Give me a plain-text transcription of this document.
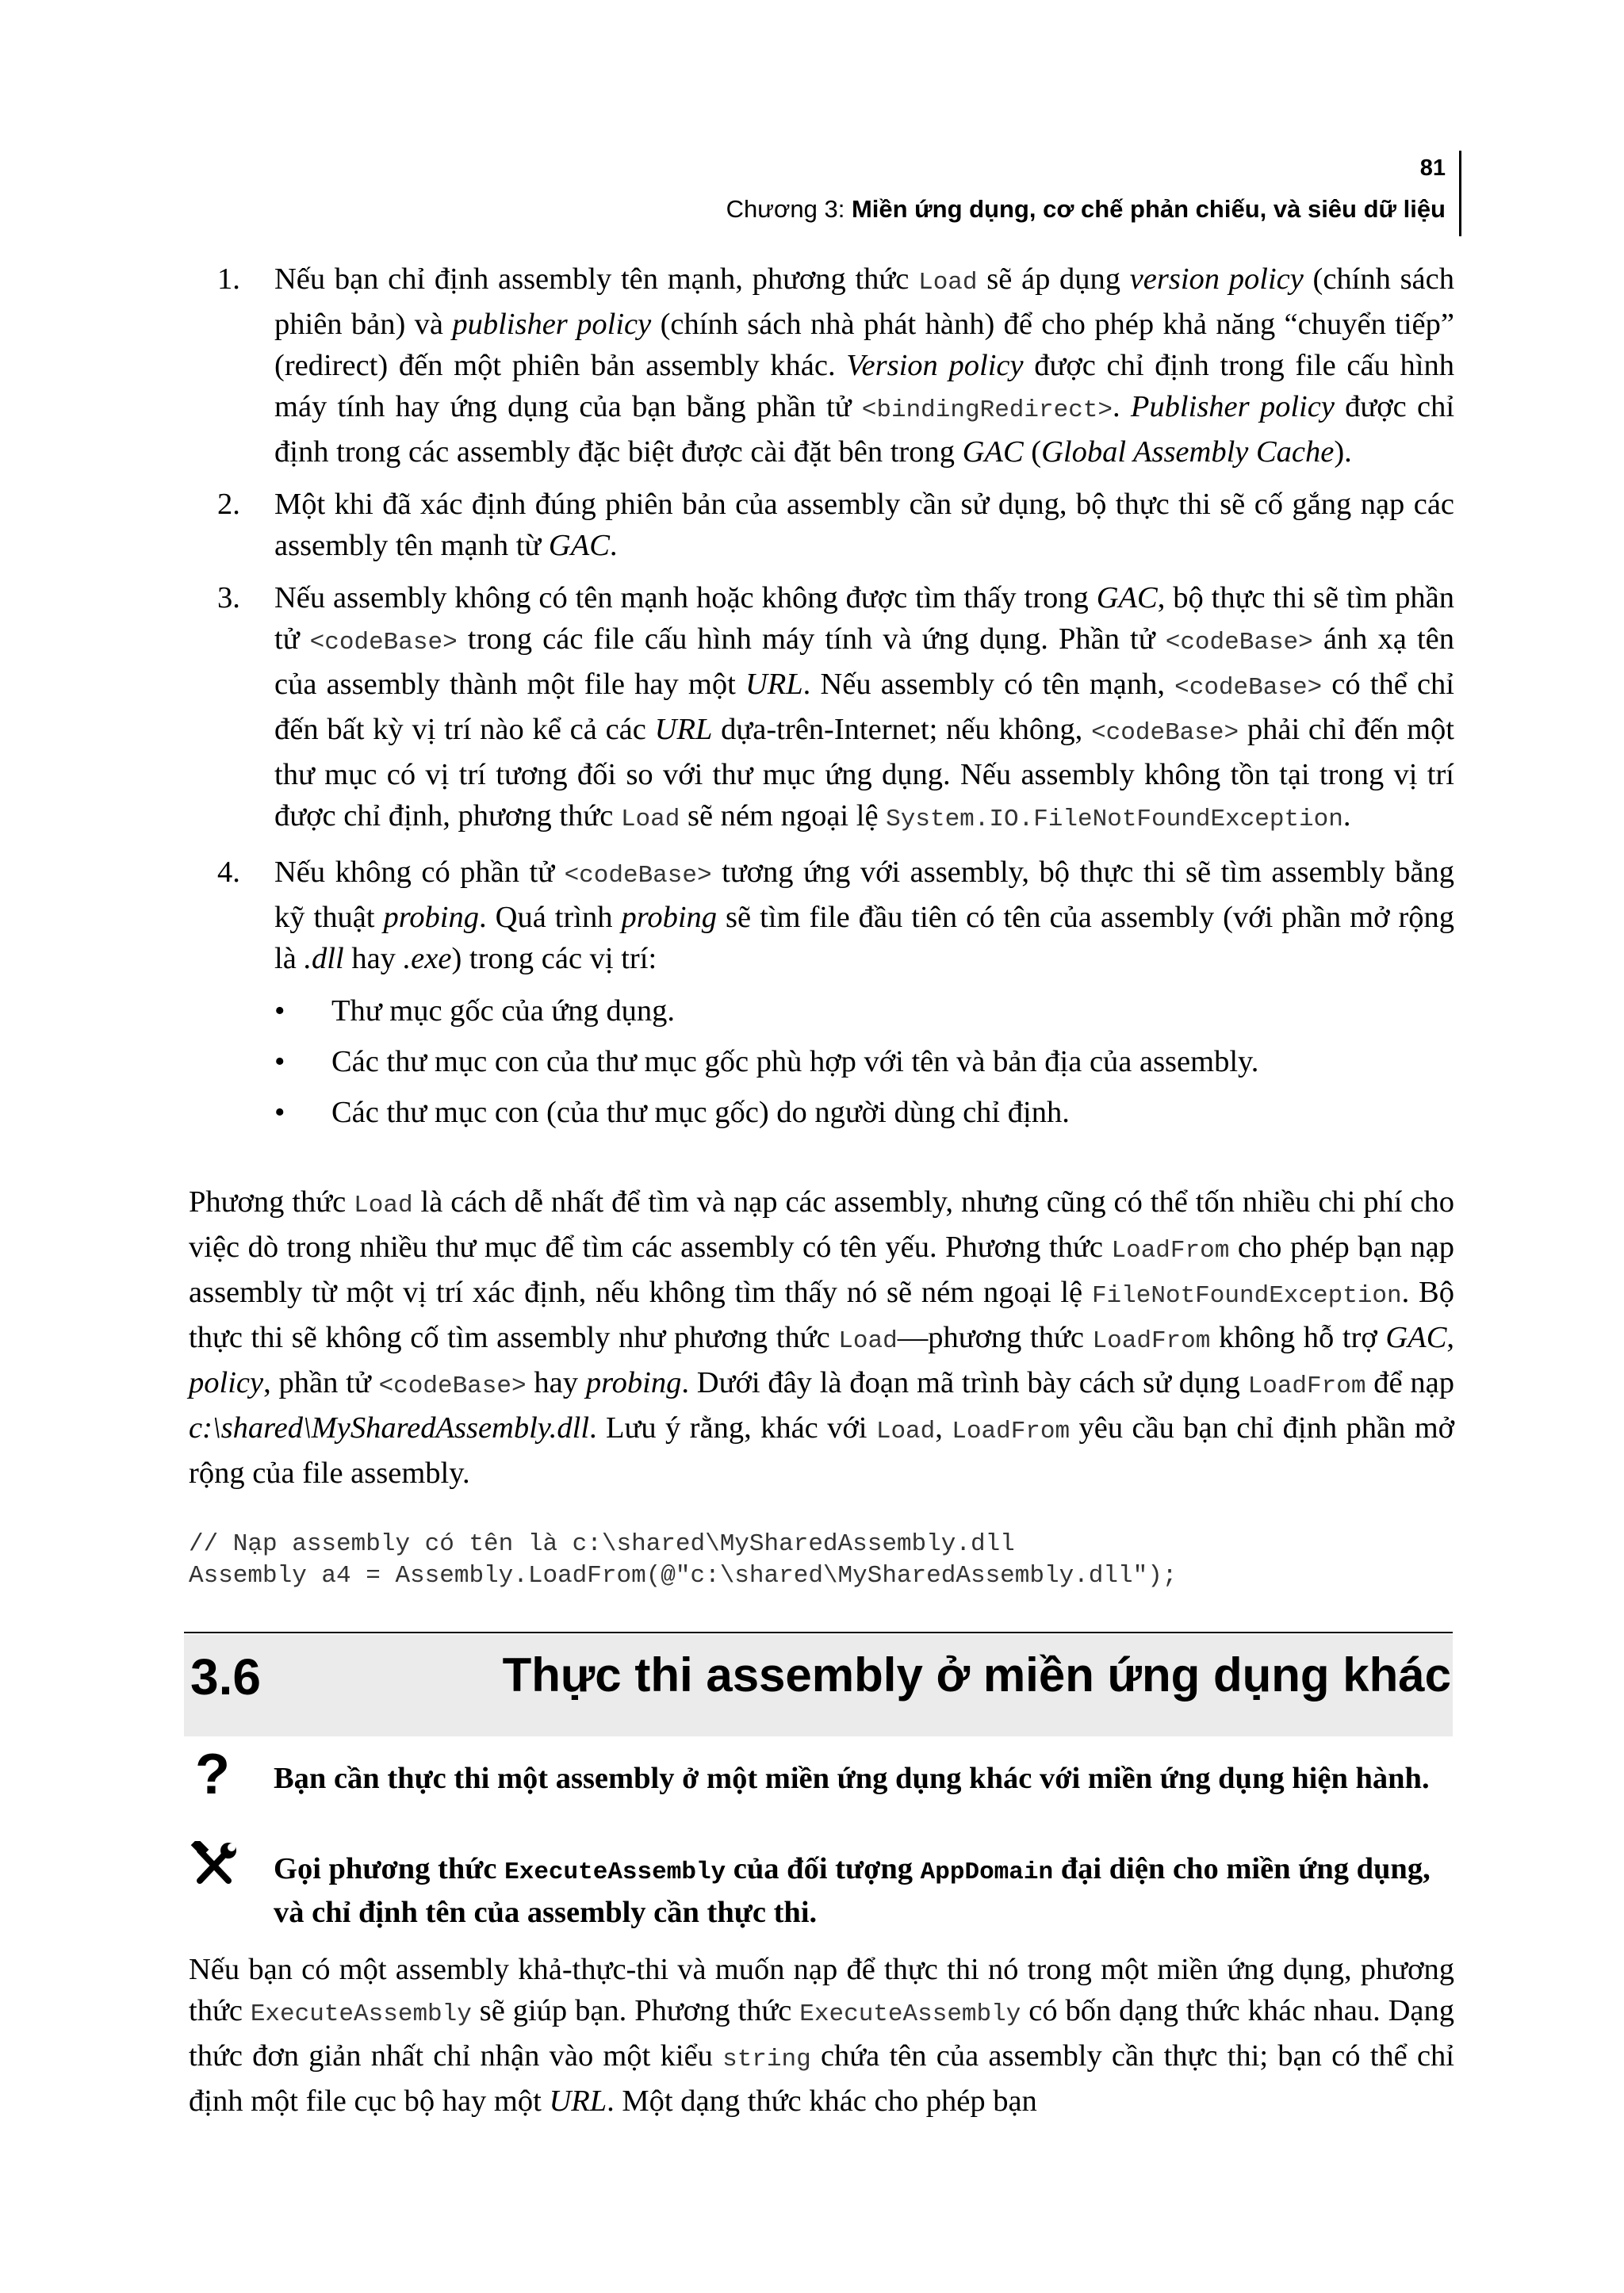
81
Chương 3: Miền ứng dụng, cơ chế phản chiếu, và siêu dữ liệu
1. Nếu bạn chỉ định assembly tên mạnh, phương thức Load sẽ áp dụng version policy (chính sách phiên bản) và publisher policy (chính sách nhà phát hành) để cho phép khả năng “chuyển tiếp” (redirect) đến một phiên bản assembly khác. Version policy được chỉ định trong file cấu hình máy tính hay ứng dụng của bạn bằng phần tử <bindingRedirect>. Publisher policy được chỉ định trong các assembly đặc biệt được cài đặt bên trong GAC (Global Assembly Cache).
2. Một khi đã xác định đúng phiên bản của assembly cần sử dụng, bộ thực thi sẽ cố gắng nạp các assembly tên mạnh từ GAC.
3. Nếu assembly không có tên mạnh hoặc không được tìm thấy trong GAC, bộ thực thi sẽ tìm phần tử <codeBase> trong các file cấu hình máy tính và ứng dụng. Phần tử <codeBase> ánh xạ tên của assembly thành một file hay một URL. Nếu assembly có tên mạnh, <codeBase> có thể chỉ đến bất kỳ vị trí nào kể cả các URL dựa-trên-Internet; nếu không, <codeBase> phải chỉ đến một thư mục có vị trí tương đối so với thư mục ứng dụng. Nếu assembly không tồn tại trong vị trí được chỉ định, phương thức Load sẽ ném ngoại lệ System.IO.FileNotFoundException.
4. Nếu không có phần tử <codeBase> tương ứng với assembly, bộ thực thi sẽ tìm assembly bằng kỹ thuật probing. Quá trình probing sẽ tìm file đầu tiên có tên của assembly (với phần mở rộng là .dll hay .exe) trong các vị trí:
• Thư mục gốc của ứng dụng.
• Các thư mục con của thư mục gốc phù hợp với tên và bản địa của assembly.
• Các thư mục con (của thư mục gốc) do người dùng chỉ định.
Phương thức Load là cách dễ nhất để tìm và nạp các assembly, nhưng cũng có thể tốn nhiều chi phí cho việc dò trong nhiều thư mục để tìm các assembly có tên yếu. Phương thức LoadFrom cho phép bạn nạp assembly từ một vị trí xác định, nếu không tìm thấy nó sẽ ném ngoại lệ FileNotFoundException. Bộ thực thi sẽ không cố tìm assembly như phương thức Load—phương thức LoadFrom không hỗ trợ GAC, policy, phần tử <codeBase> hay probing. Dưới đây là đoạn mã trình bày cách sử dụng LoadFrom để nạp c:\shared\MySharedAssembly.dll. Lưu ý rằng, khác với Load, LoadFrom yêu cầu bạn chỉ định phần mở rộng của file assembly.
// Nạp assembly có tên là c:\shared\MySharedAssembly.dll
Assembly a4 = Assembly.LoadFrom(@"c:\shared\MySharedAssembly.dll");
3.6	Thực thi assembly ở miền ứng dụng khác
? Bạn cần thực thi một assembly ở một miền ứng dụng khác với miền ứng dụng hiện hành.
Gọi phương thức ExecuteAssembly của đối tượng AppDomain đại diện cho miền ứng dụng, và chỉ định tên của assembly cần thực thi.
Nếu bạn có một assembly khả-thực-thi và muốn nạp để thực thi nó trong một miền ứng dụng, phương thức ExecuteAssembly sẽ giúp bạn. Phương thức ExecuteAssembly có bốn dạng thức khác nhau. Dạng thức đơn giản nhất chỉ nhận vào một kiểu string chứa tên của assembly cần thực thi; bạn có thể chỉ định một file cục bộ hay một URL. Một dạng thức khác cho phép bạn
